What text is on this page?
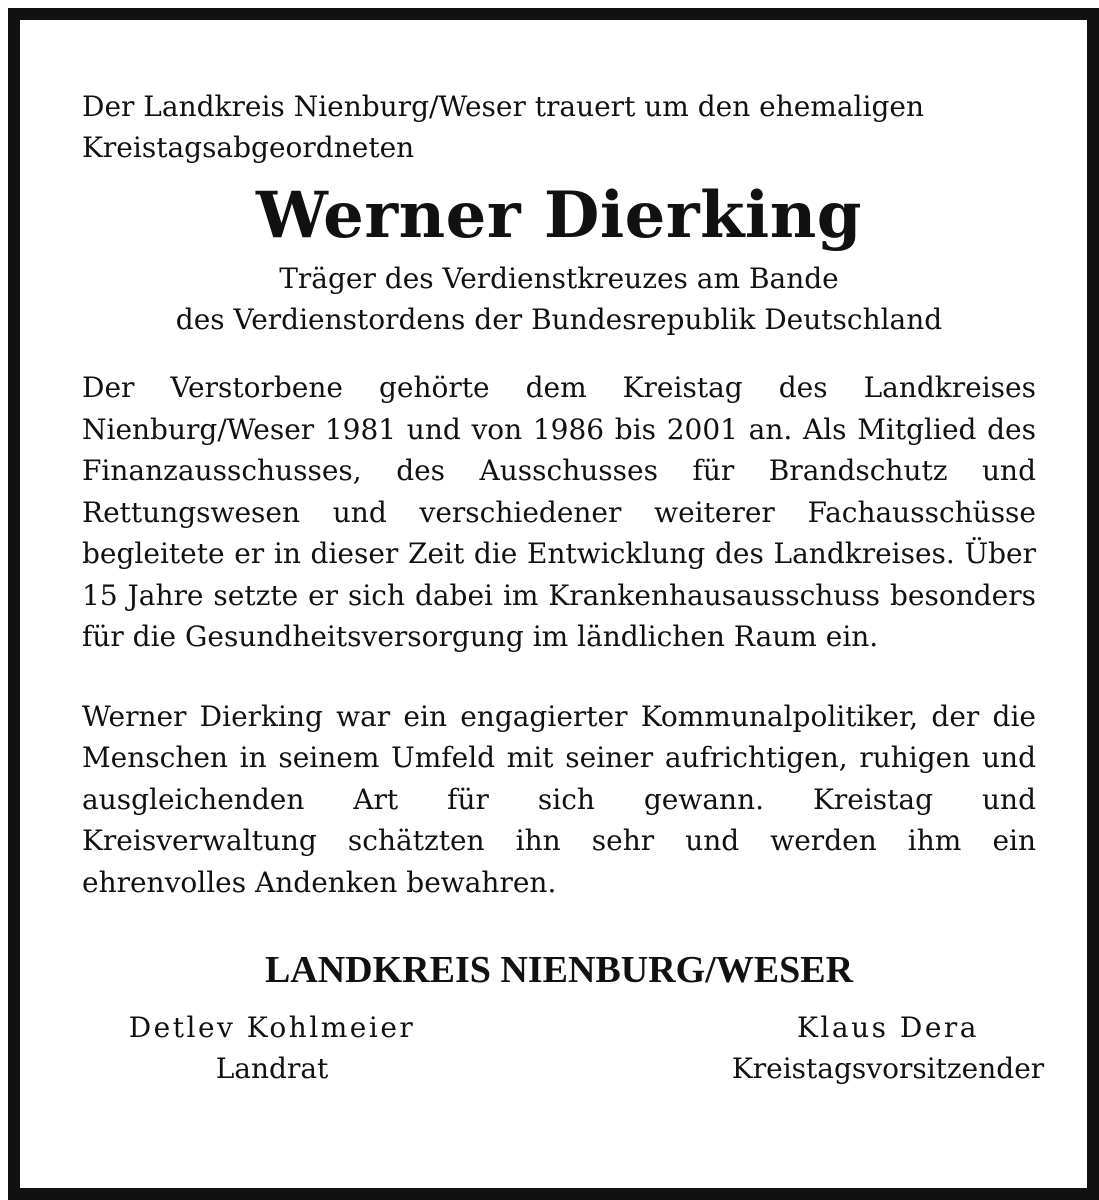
Der Landkreis Nienburg/Weser trauert um den ehemaligen Kreistagsabgeordneten

Werner Dierking
Träger des Verdienstkreuzes am Bande
des Verdienstordens der Bundesrepublik Deutschland

Der Verstorbene gehörte dem Kreistag des Landkreises Nienburg/Weser 1981 und von 1986 bis 2001 an. Als Mitglied des Finanzausschusses, des Ausschusses für Brandschutz und Rettungswesen und verschiedener weiterer Fachausschüsse begleitete er in dieser Zeit die Entwicklung des Landkreises. Über 15 Jahre setzte er sich dabei im Krankenhausausschuss besonders für die Gesundheitsversorgung im ländlichen Raum ein.

Werner Dierking war ein engagierter Kommunalpolitiker, der die Menschen in seinem Umfeld mit seiner aufrichtigen, ruhigen und ausgleichenden Art für sich gewann. Kreistag und Kreisverwaltung schätzten ihn sehr und werden ihm ein ehrenvolles Andenken bewahren.

LANDKREIS NIENBURG/WESER
Detlev Kohlmeier
Landrat
Klaus Dera
Kreistagsvorsitzender
